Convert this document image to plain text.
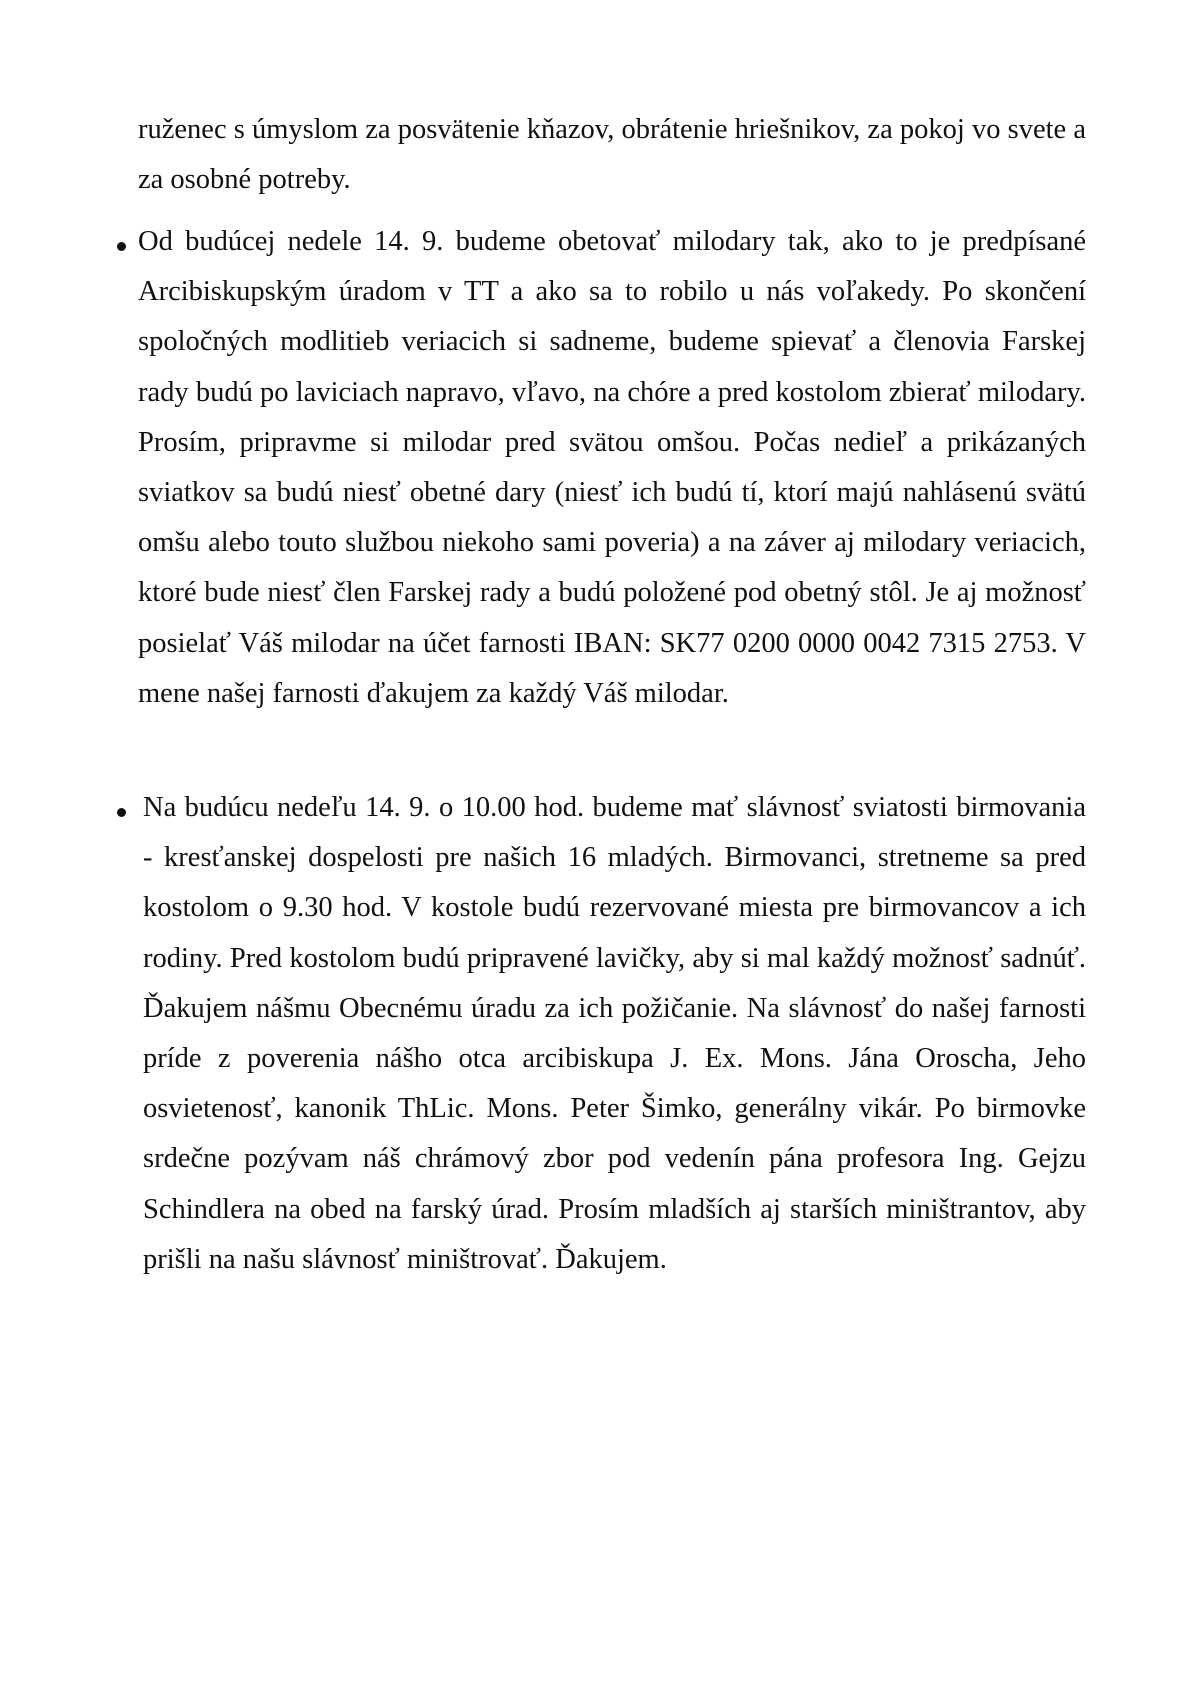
ruženec s úmyslom za posvätenie kňazov, obrátenie hriešnikov, za pokoj vo svete a za osobné potreby.

Od budúcej nedele 14. 9. budeme obetovať milodary tak, ako to je predpísané Arcibiskupským úradom v TT a ako sa to robilo u nás voľakedy. Po skončení spoločných modlitieb veriacich si sadneme, budeme spievať a členovia Farskej rady budú po laviciach napravo, vľavo, na chóre a pred kostolom zbierať milodary. Prosím, pripravme si milodar pred svätou omšou. Počas nedieľ a prikázaných sviatkov sa budú niesť obetné dary (niesť ich budú tí, ktorí majú nahlásenú svätú omšu alebo touto službou niekoho sami poveria) a na záver aj milodary veriacich, ktoré bude niesť člen Farskej rady a budú položené pod obetný stôl. Je aj možnosť posielať Váš milodar na účet farnosti IBAN: SK77 0200 0000 0042 7315 2753. V mene našej farnosti ďakujem za každý Váš milodar.

Na budúcu nedeľu 14. 9. o 10.00 hod. budeme mať slávnosť sviatosti birmovania - kresťanskej dospelosti pre našich 16 mladých. Birmovanci, stretneme sa pred kostolom o 9.30 hod. V kostole budú rezervované miesta pre birmovancov a ich rodiny. Pred kostolom budú pripravené lavičky, aby si mal každý možnosť sadnúť. Ďakujem nášmu Obecnému úradu za ich požičanie. Na slávnosť do našej farnosti príde z poverenia nášho otca arcibiskupa J. Ex. Mons. Jána Oroscha, Jeho osvietenosť, kanonik ThLic. Mons. Peter Šimko, generálny vikár. Po birmovke srdečne pozývam náš chrámový zbor pod vedenín pána profesora Ing. Gejzu Schindlera na obed na farský úrad. Prosím mladších aj starších miništrantov, aby prišli na našu slávnosť miništrovať. Ďakujem.
